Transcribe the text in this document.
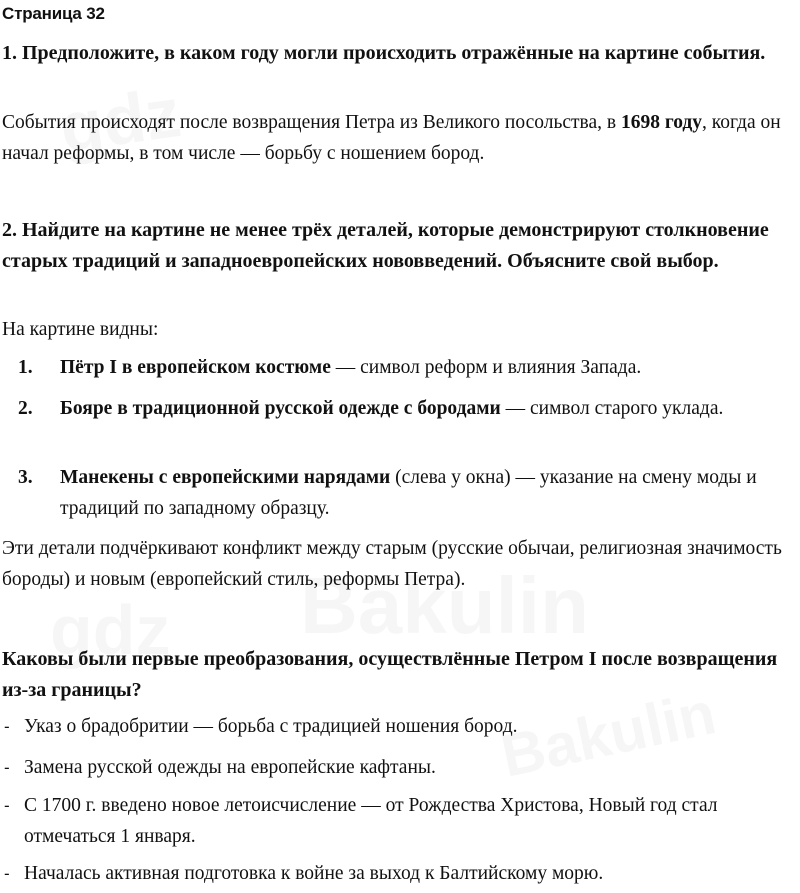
Страница 32
1. Предположите, в каком году могли происходить отражённые на картине события.

События происходят после возвращения Петра из Великого посольства, в 1698 году, когда он начал реформы, в том числе — борьбу с ношением бород.

2. Найдите на картине не менее трёх деталей, которые демонстрируют столкновение старых традиций и западноевропейских нововведений. Объясните свой выбор.

На картине видны:

1. Пётр I в европейском костюме — символ реформ и влияния Запада.
2. Бояре в традиционной русской одежде с бородами — символ старого уклада.
3. Манекены с европейскими нарядами (слева у окна) — указание на смену моды и традиций по западному образцу.

Эти детали подчёркивают конфликт между старым (русские обычаи, религиозная значимость бороды) и новым (европейский стиль, реформы Петра).

Каковы были первые преобразования, осуществлённые Петром I после возвращения из-за границы?
- Указ о брадобритии — борьба с традицией ношения бород.
- Замена русской одежды на европейские кафтаны.
- С 1700 г. введено новое летоисчисление — от Рождества Христова, Новый год стал отмечаться 1 января.
- Началась активная подготовка к войне за выход к Балтийскому морю.
